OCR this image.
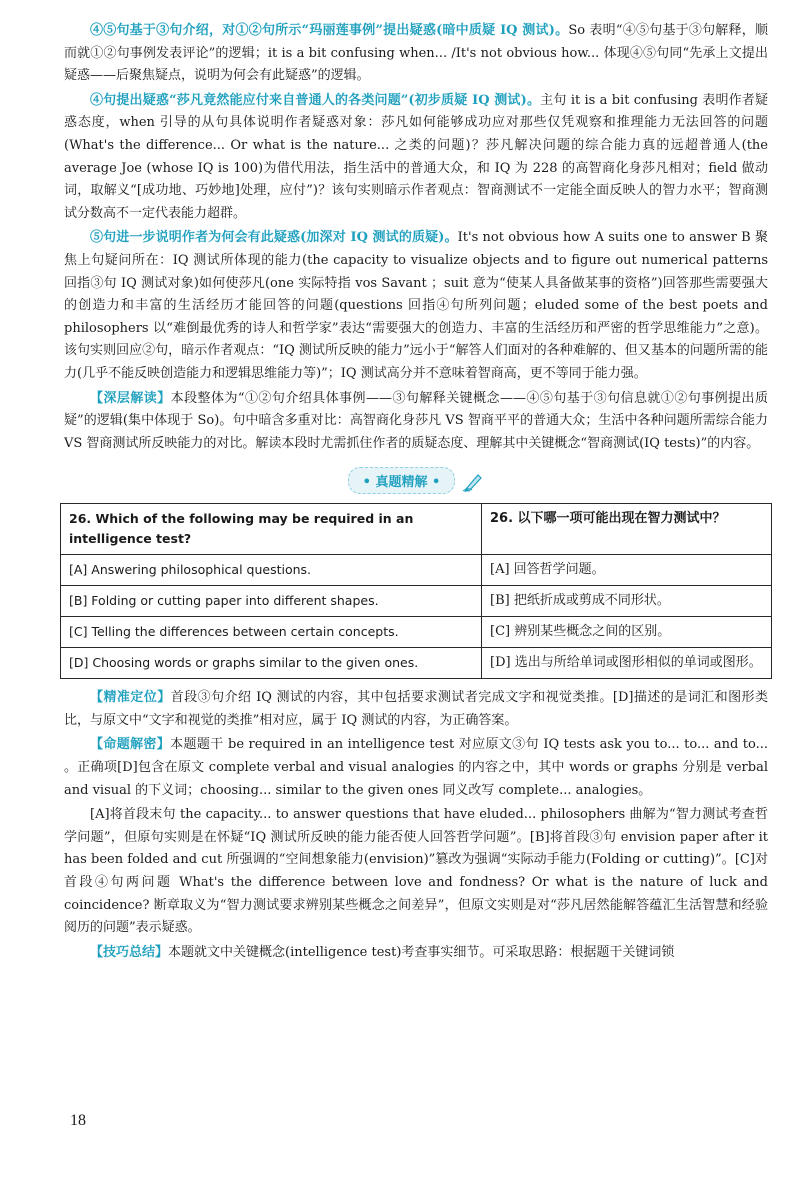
④⑤句基于③句介绍，对①②句所示“玛丽莲事例”提出疑惑(暗中质疑 IQ 测试)。So 表明“④⑤句基于③句解释，顺而就①②句事例发表评论”的逻辑；it is a bit confusing when... /It's not obvious how... 体现④⑤句同“先承上文提出疑惑——后聚焦疑点，说明为何会有此疑惑”的逻辑。

④句提出疑惑“莎凡竟然能应付来自普通人的各类问题”(初步质疑 IQ 测试)。主句 it is a bit confusing 表明作者疑惑态度，when 引导的从句具体说明作者疑惑对象：莎凡如何能够成功应对那些仅凭观察和推理能力无法回答的问题(What's the difference... Or what is the nature... 之类的问题)？莎凡解决问题的综合能力真的远超普通人(the average Joe (whose IQ is 100)为借代用法，指生活中的普通大众，和 IQ 为 228 的高智商化身莎凡相对；field 做动词，取解义“[成功地、巧妙地]处理，应付”)？该句实则暗示作者观点：智商测试不一定能全面反映人的智力水平；智商测试分数高不一定代表能力超群。

⑤句进一步说明作者为何会有此疑惑(加深对 IQ 测试的质疑)。It's not obvious how A suits one to answer B 聚焦上句疑问所在：IQ 测试所体现的能力(the capacity to visualize objects and to figure out numerical patterns 回指③句 IQ 测试对象)如何使莎凡(one 实际特指 vos Savant ；suit 意为“使某人具备做某事的资格”)回答那些需要强大的创造力和丰富的生活经历才能回答的问题(questions 回指④句所列问题；eluded some of the best poets and philosophers 以“难倒最优秀的诗人和哲学家”表达“需要强大的创造力、丰富的生活经历和严密的哲学思维能力”之意)。该句实则回应②句，暗示作者观点：“IQ 测试所反映的能力”远小于“解答人们面对的各种难解的、但又基本的问题所需的能力(几乎不能反映创造能力和逻辑思维能力等)”；IQ 测试高分并不意味着智商高，更不等同于能力强。

【深层解读】本段整体为“①②句介绍具体事例——③句解释关键概念——④⑤句基于③句信息就①②句事例提出质疑”的逻辑(集中体现于 So)。句中暗含多重对比：高智商化身莎凡 VS 智商平平的普通大众；生活中各种问题所需综合能力 VS 智商测试所反映能力的对比。解读本段时尤需抓住作者的质疑态度、理解其中关键概念“智商测试(IQ tests)”的内容。

• 真题精解 •
26. Which of the following may be required in an intelligence test?	26. 以下哪一项可能出现在智力测试中？
[A] Answering philosophical questions.	[A] 回答哲学问题。
[B] Folding or cutting paper into different shapes.	[B] 把纸折成或剪成不同形状。
[C] Telling the differences between certain concepts.	[C] 辨别某些概念之间的区别。
[D] Choosing words or graphs similar to the given ones.	[D] 选出与所给单词或图形相似的单词或图形。

【精准定位】首段③句介绍 IQ 测试的内容，其中包括要求测试者完成文字和视觉类推。[D]描述的是词汇和图形类比，与原文中“文字和视觉的类推”相对应，属于 IQ 测试的内容，为正确答案。

【命题解密】本题题干 be required in an intelligence test 对应原文③句 IQ tests ask you to... to... and to... 。正确项[D]包含在原文 complete verbal and visual analogies 的内容之中，其中 words or graphs 分别是 verbal and visual 的下义词；choosing... similar to the given ones 同义改写 complete... analogies。

[A]将首段末句 the capacity... to answer questions that have eluded... philosophers 曲解为“智力测试考查哲学问题”，但原句实则是在怀疑“IQ 测试所反映的能力能否使人回答哲学问题”。[B]将首段③句 envision paper after it has been folded and cut 所强调的“空间想象能力(envision)”篡改为强调“实际动手能力(Folding or cutting)”。[C]对首段④句两问题 What's the difference between love and fondness? Or what is the nature of luck and coincidence? 断章取义为“智力测试要求辨别某些概念之间差异”，但原文实则是对“莎凡居然能解答蕴汇生活智慧和经验阅历的问题”表示疑惑。

【技巧总结】本题就文中关键概念(intelligence test)考查事实细节。可采取思路：根据题干关键词锁

18
